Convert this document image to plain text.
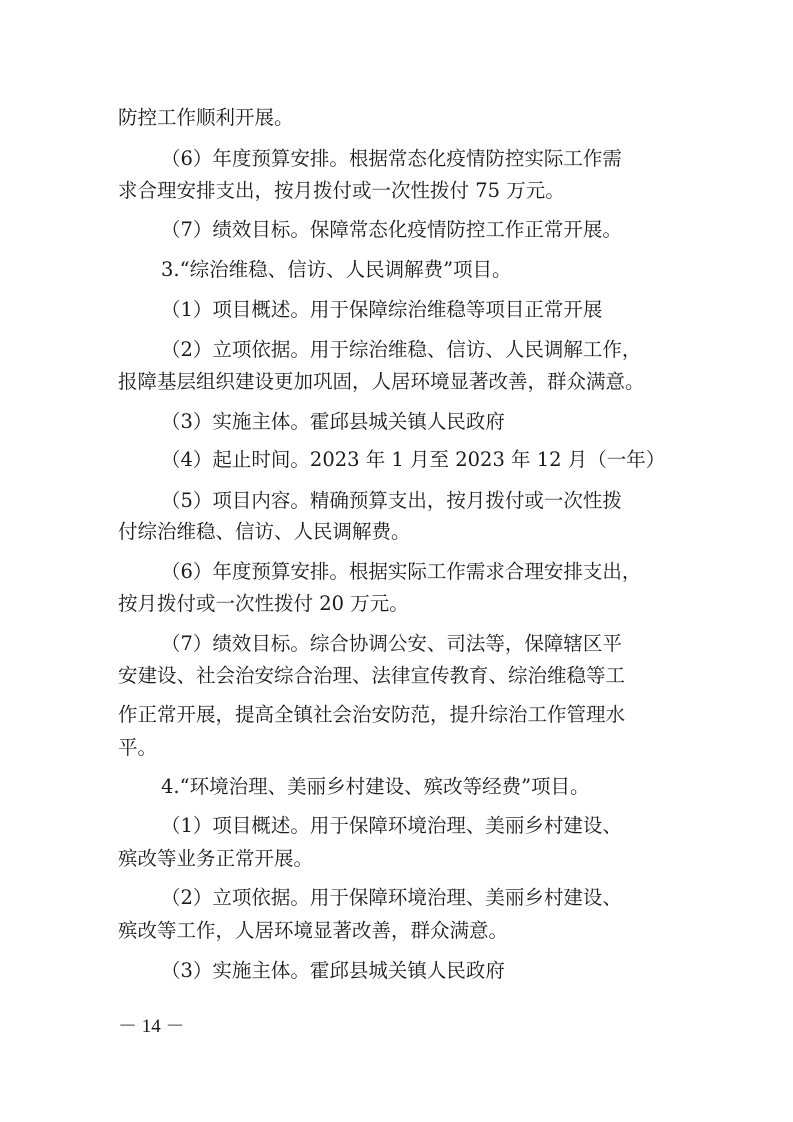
防控工作顺利开展。

（6）年度预算安排。根据常态化疫情防控实际工作需

求合理安排支出，按月拨付或一次性拨付 75 万元。

（7）绩效目标。保障常态化疫情防控工作正常开展。

3.“综治维稳、信访、人民调解费”项目。

（1）项目概述。用于保障综治维稳等项目正常开展

（2）立项依据。用于综治维稳、信访、人民调解工作，

报障基层组织建设更加巩固，人居环境显著改善，群众满意。

（3）实施主体。霍邱县城关镇人民政府

（4）起止时间。2023 年 1 月至 2023 年 12 月（一年）

（5）项目内容。精确预算支出，按月拨付或一次性拨

付综治维稳、信访、人民调解费。

（6）年度预算安排。根据实际工作需求合理安排支出，

按月拨付或一次性拨付 20 万元。

（7）绩效目标。综合协调公安、司法等，保障辖区平

安建设、社会治安综合治理、法律宣传教育、综治维稳等工

作正常开展，提高全镇社会治安防范，提升综治工作管理水

平。

4.“环境治理、美丽乡村建设、殡改等经费”项目。

（1）项目概述。用于保障环境治理、美丽乡村建设、

殡改等业务正常开展。

（2）立项依据。用于保障环境治理、美丽乡村建设、

殡改等工作，人居环境显著改善，群众满意。

（3）实施主体。霍邱县城关镇人民政府

－ 14 －
